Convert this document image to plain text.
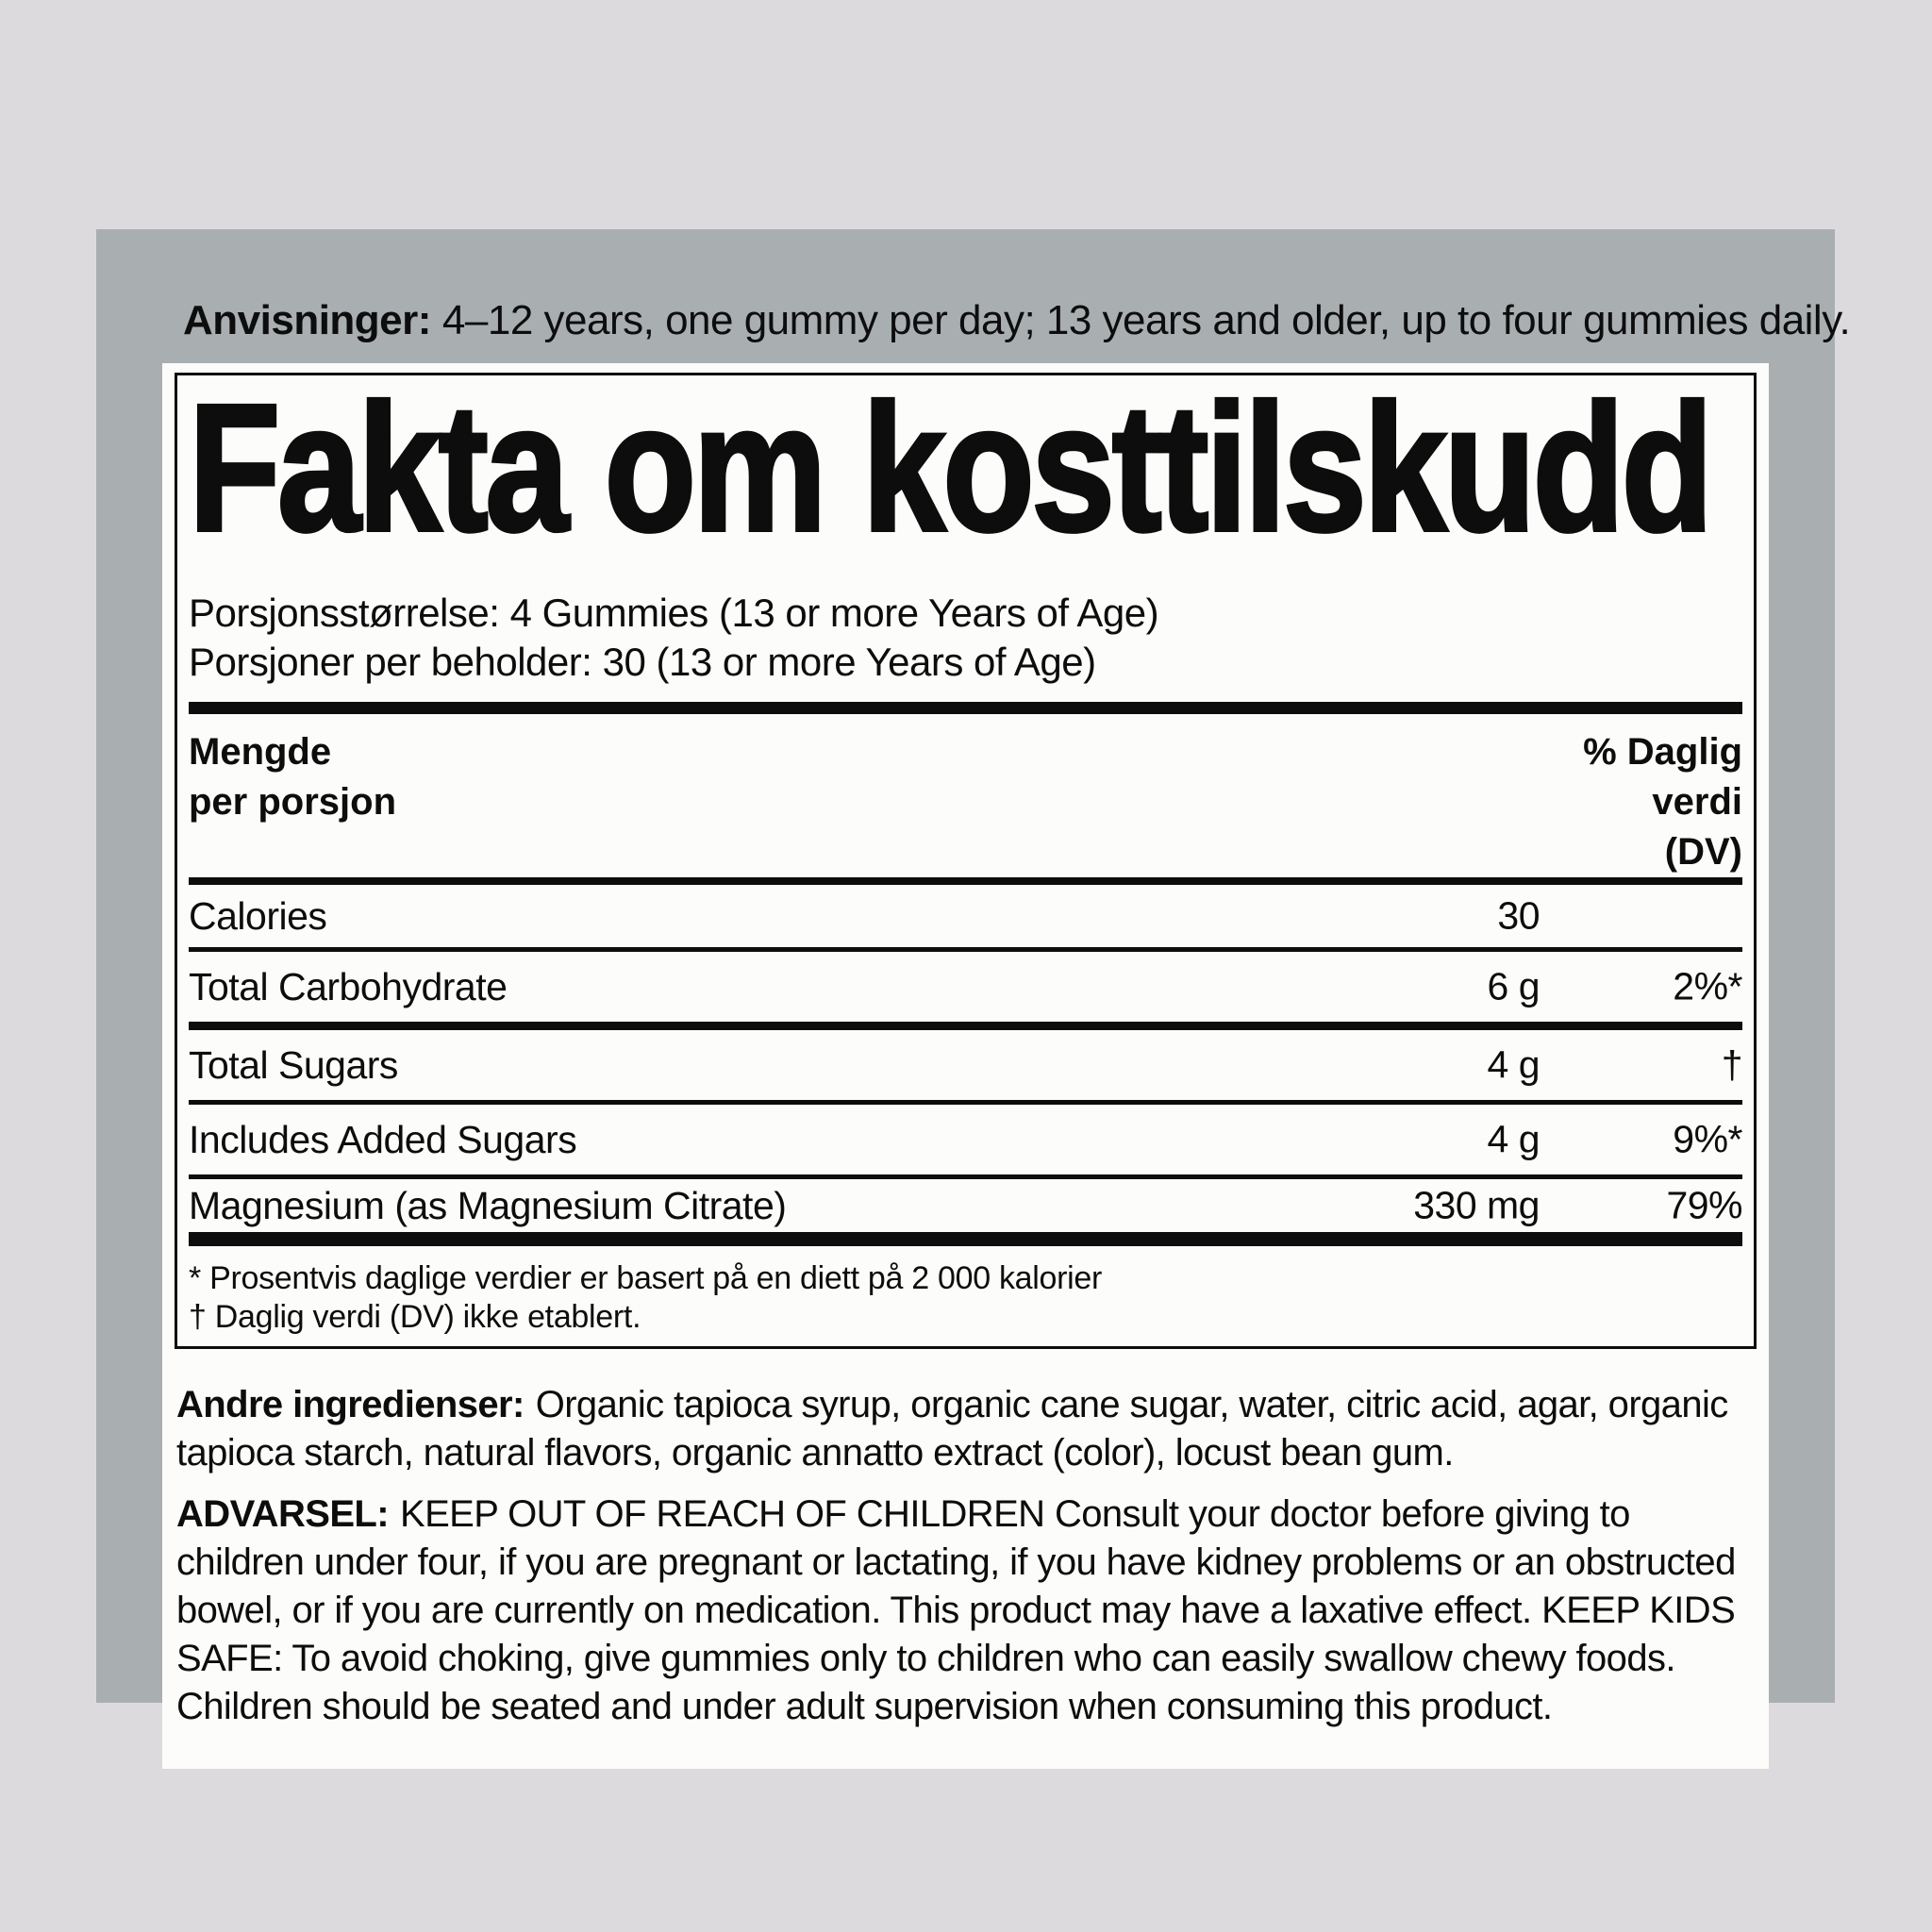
Anvisninger: 4–12 years, one gummy per day; 13 years and older, up to four gummies daily.
Fakta om kosttilskudd
Porsjonsstørrelse: 4 Gummies (13 or more Years of Age)
Porsjoner per beholder: 30 (13 or more Years of Age)
Mengde
per porsjon
% Daglig
verdi
(DV)
Calories	30
Total Carbohydrate	6 g	2%*
Total Sugars	4 g	†
Includes Added Sugars	4 g	9%*
Magnesium (as Magnesium Citrate)	330 mg	79%
* Prosentvis daglige verdier er basert på en diett på 2 000 kalorier
† Daglig verdi (DV) ikke etablert.

Andre ingredienser: Organic tapioca syrup, organic cane sugar, water, citric acid, agar, organic tapioca starch, natural flavors, organic annatto extract (color), locust bean gum.

ADVARSEL: KEEP OUT OF REACH OF CHILDREN Consult your doctor before giving to children under four, if you are pregnant or lactating, if you have kidney problems or an obstructed bowel, or if you are currently on medication. This product may have a laxative effect. KEEP KIDS SAFE: To avoid choking, give gummies only to children who can easily swallow chewy foods. Children should be seated and under adult supervision when consuming this product.
